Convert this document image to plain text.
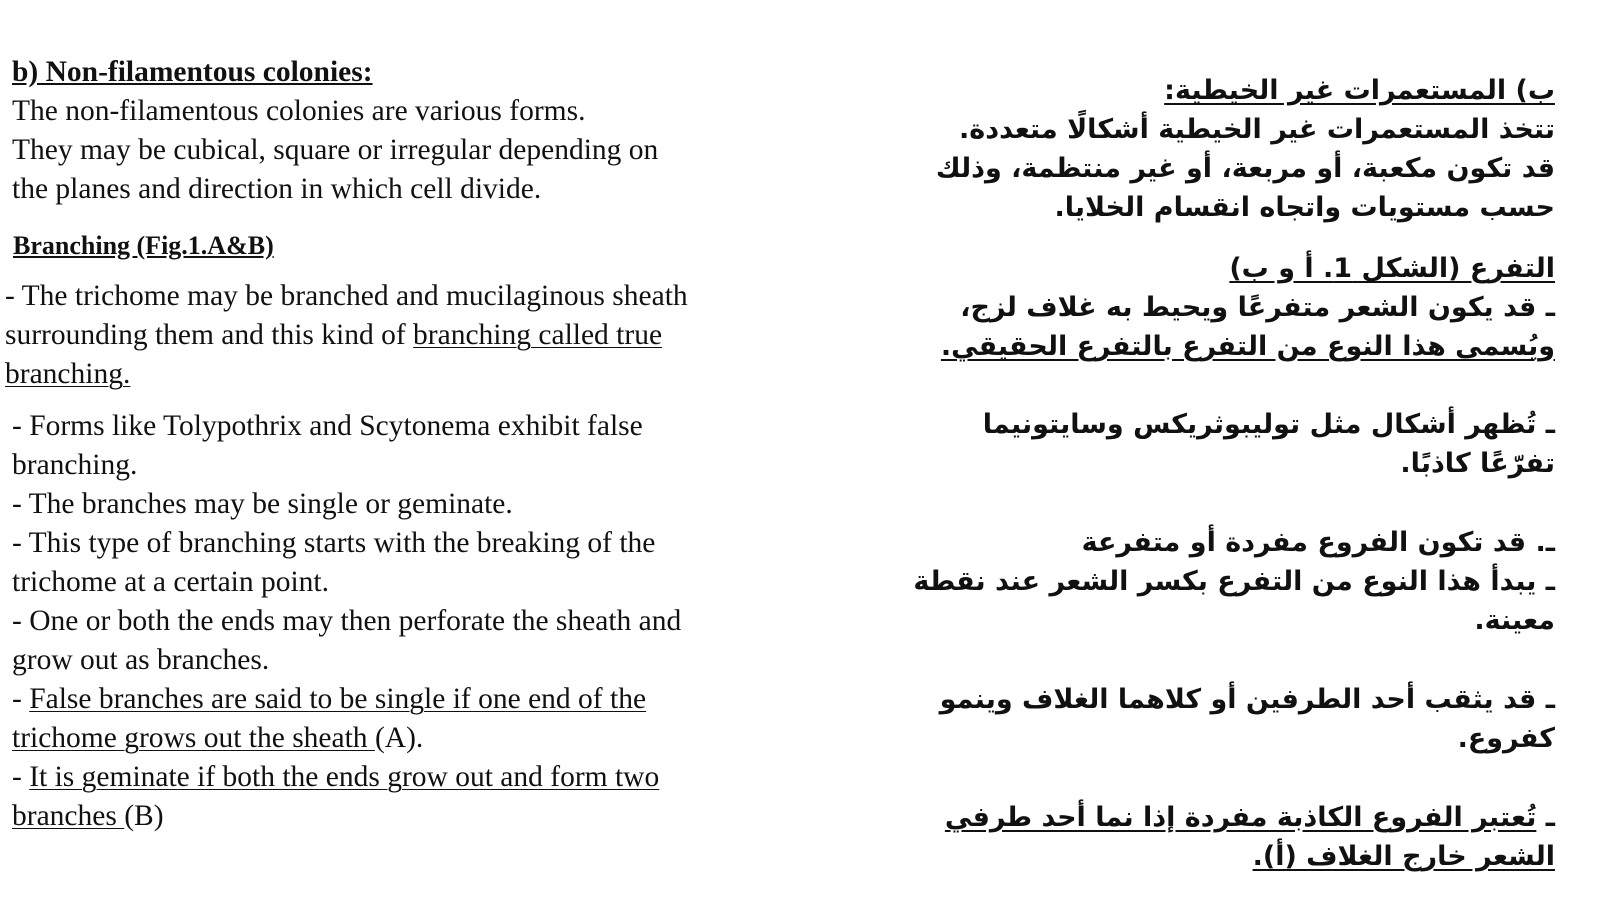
b) Non-filamentous colonies:
The non-filamentous colonies are various forms.
They may be cubical, square or irregular depending on
the planes and direction in which cell divide.
Branching (Fig.1.A&B)
- The trichome may be branched and mucilaginous sheath
surrounding them and this kind of branching called true
branching.
- Forms like Tolypothrix and Scytonema exhibit false
branching.
- The branches may be single or geminate.
- This type of branching starts with the breaking of the
trichome at a certain point.
- One or both the ends may then perforate the sheath and
grow out as branches.
- False branches are said to be single if one end of the
trichome grows out the sheath (A).
- It is geminate if both the ends grow out and form two
branches (B)
ب) المستعمرات غير الخيطية:
تتخذ المستعمرات غير الخيطية أشكالًا متعددة.
قد تكون مكعبة، أو مربعة، أو غير منتظمة، وذلك
حسب مستويات واتجاه انقسام الخلايا.
التفرع (الشكل 1. أ و ب)
ـ قد يكون الشعر متفرعًا ويحيط به غلاف لزج،
ويُسمى هذا النوع من التفرع بالتفرع الحقيقي.
ـ تُظهر أشكال مثل توليبوثريكس وسايتونيما
تفرّعًا كاذبًا.
ـ. قد تكون الفروع مفردة أو متفرعة
ـ يبدأ هذا النوع من التفرع بكسر الشعر عند نقطة
معينة.
ـ قد يثقب أحد الطرفين أو كلاهما الغلاف وينمو
كفروع.
ـ تُعتبر الفروع الكاذبة مفردة إذا نما أحد طرفي
الشعر خارج الغلاف (أ).
